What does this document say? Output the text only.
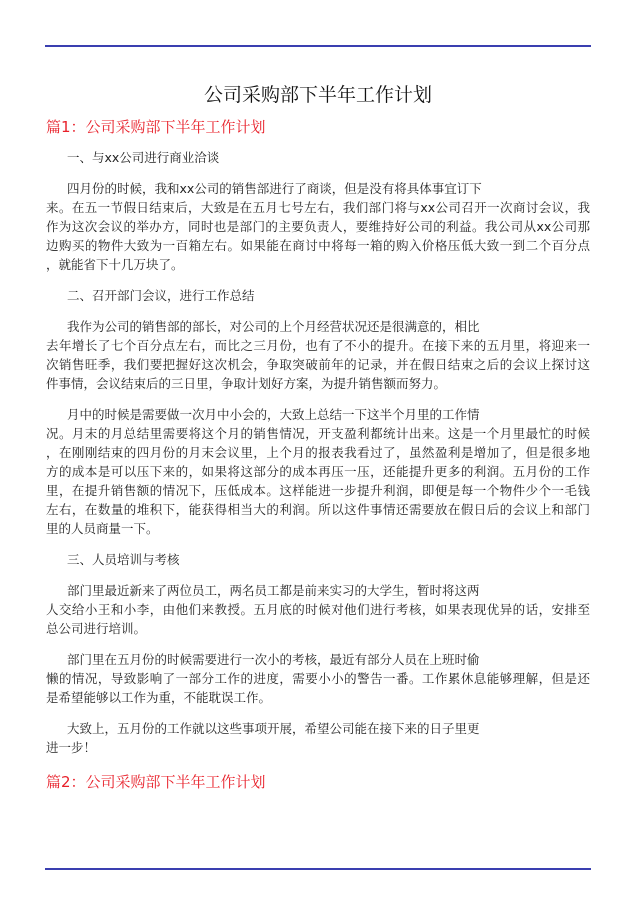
公司采购部下半年工作计划
篇1：公司采购部下半年工作计划
一、与xx公司进行商业洽谈
四月份的时候，我和xx公司的销售部进行了商谈，但是没有将具体事宜订下
来。在五一节假日结束后，大致是在五月七号左右，我们部门将与xx公司召开一次商讨会议，我
作为这次会议的举办方，同时也是部门的主要负责人，要维持好公司的利益。我公司从xx公司那
边购买的物件大致为一百箱左右。如果能在商讨中将每一箱的购入价格压低大致一到二个百分点
，就能省下十几万块了。
二、召开部门会议，进行工作总结
我作为公司的销售部的部长，对公司的上个月经营状况还是很满意的，相比
去年增长了七个百分点左右，而比之三月份，也有了不小的提升。在接下来的五月里，将迎来一
次销售旺季，我们要把握好这次机会，争取突破前年的记录，并在假日结束之后的会议上探讨这
件事情，会议结束后的三日里，争取计划好方案，为提升销售额而努力。
月中的时候是需要做一次月中小会的，大致上总结一下这半个月里的工作情
况。月末的月总结里需要将这个月的销售情况，开支盈利都统计出来。这是一个月里最忙的时候
，在刚刚结束的四月份的月末会议里，上个月的报表我看过了，虽然盈利是增加了，但是很多地
方的成本是可以压下来的，如果将这部分的成本再压一压，还能提升更多的利润。五月份的工作
里，在提升销售额的情况下，压低成本。这样能进一步提升利润，即便是每一个物件少个一毛钱
左右，在数量的堆积下，能获得相当大的利润。所以这件事情还需要放在假日后的会议上和部门
里的人员商量一下。
三、人员培训与考核
部门里最近新来了两位员工，两名员工都是前来实习的大学生，暂时将这两
人交给小王和小李，由他们来教授。五月底的时候对他们进行考核，如果表现优异的话，安排至
总公司进行培训。
部门里在五月份的时候需要进行一次小的考核，最近有部分人员在上班时偷
懒的情况，导致影响了一部分工作的进度，需要小小的警告一番。工作累休息能够理解，但是还
是希望能够以工作为重，不能耽误工作。
大致上，五月份的工作就以这些事项开展，希望公司能在接下来的日子里更
进一步！
篇2：公司采购部下半年工作计划
